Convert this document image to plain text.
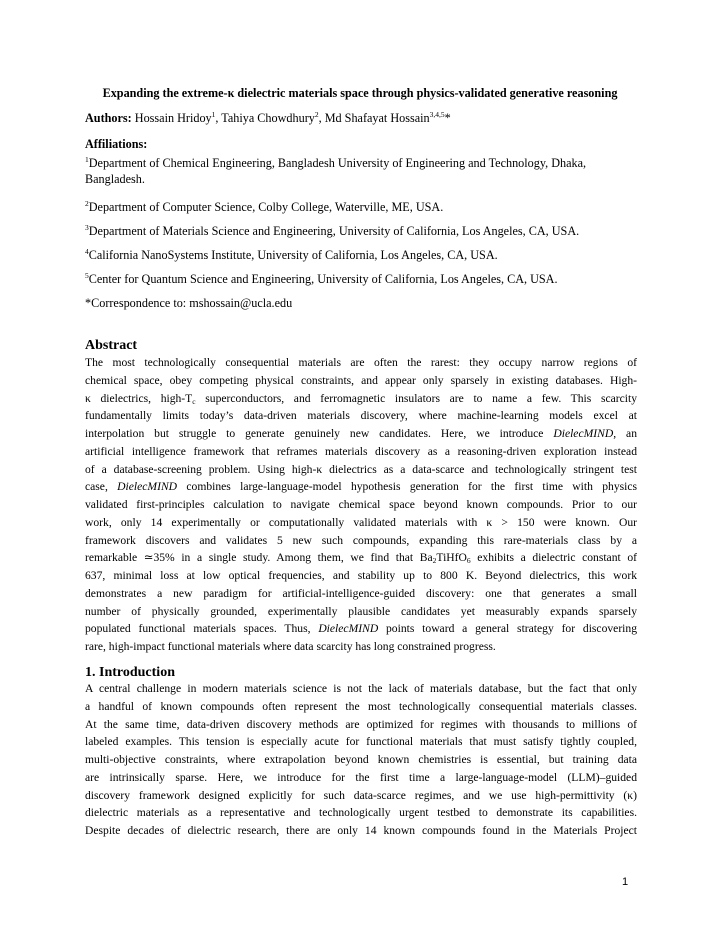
Expanding the extreme-κ dielectric materials space through physics-validated generative reasoning
Authors: Hossain Hridoy$^1$, Tahiya Chowdhury$^2$, Md Shafayat Hossain$^{3,4,5}$*
Affiliations:
$^1$Department of Chemical Engineering, Bangladesh University of Engineering and Technology, Dhaka,
Bangladesh.
$^2$Department of Computer Science, Colby College, Waterville, ME, USA.
$^3$Department of Materials Science and Engineering, University of California, Los Angeles, CA, USA.
$^4$California NanoSystems Institute, University of California, Los Angeles, CA, USA.
$^5$Center for Quantum Science and Engineering, University of California, Los Angeles, CA, USA.
*Correspondence to: mshossain@ucla.edu
Abstract
The most technologically consequential materials are often the rarest: they occupy narrow regions of
chemical space, obey competing physical constraints, and appear only sparsely in existing databases. High-
κ dielectrics, high-$T_c$ superconductors, and ferromagnetic insulators are to name a few. This scarcity
fundamentally limits today’s data-driven materials discovery, where machine-learning models excel at
interpolation but struggle to generate genuinely new candidates. Here, we introduce DielecMIND, an
artificial intelligence framework that reframes materials discovery as a reasoning-driven exploration instead
of a database-screening problem. Using high-κ dielectrics as a data-scarce and technologically stringent test
case, DielecMIND combines large-language-model hypothesis generation for the first time with physics
validated first-principles calculation to navigate chemical space beyond known compounds. Prior to our
work, only 14 experimentally or computationally validated materials with κ > 150 were known. Our
framework discovers and validates 5 new such compounds, expanding this rare-materials class by a
remarkable ≃35% in a single study. Among them, we find that $Ba_2TiHfO_6$ exhibits a dielectric constant of
637, minimal loss at low optical frequencies, and stability up to 800 K. Beyond dielectrics, this work
demonstrates a new paradigm for artificial-intelligence-guided discovery: one that generates a small
number of physically grounded, experimentally plausible candidates yet measurably expands sparsely
populated functional materials spaces. Thus, DielecMIND points toward a general strategy for discovering
rare, high-impact functional materials where data scarcity has long constrained progress.
1. Introduction
A central challenge in modern materials science is not the lack of materials database, but the fact that only
a handful of known compounds often represent the most technologically consequential materials classes.
At the same time, data-driven discovery methods are optimized for regimes with thousands to millions of
labeled examples. This tension is especially acute for functional materials that must satisfy tightly coupled,
multi-objective constraints, where extrapolation beyond known chemistries is essential, but training data
are intrinsically sparse. Here, we introduce for the first time a large-language-model (LLM)–guided
discovery framework designed explicitly for such data-scarce regimes, and we use high-permittivity (κ)
dielectric materials as a representative and technologically urgent testbed to demonstrate its capabilities.
Despite decades of dielectric research, there are only 14 known compounds found in the Materials Project
1
